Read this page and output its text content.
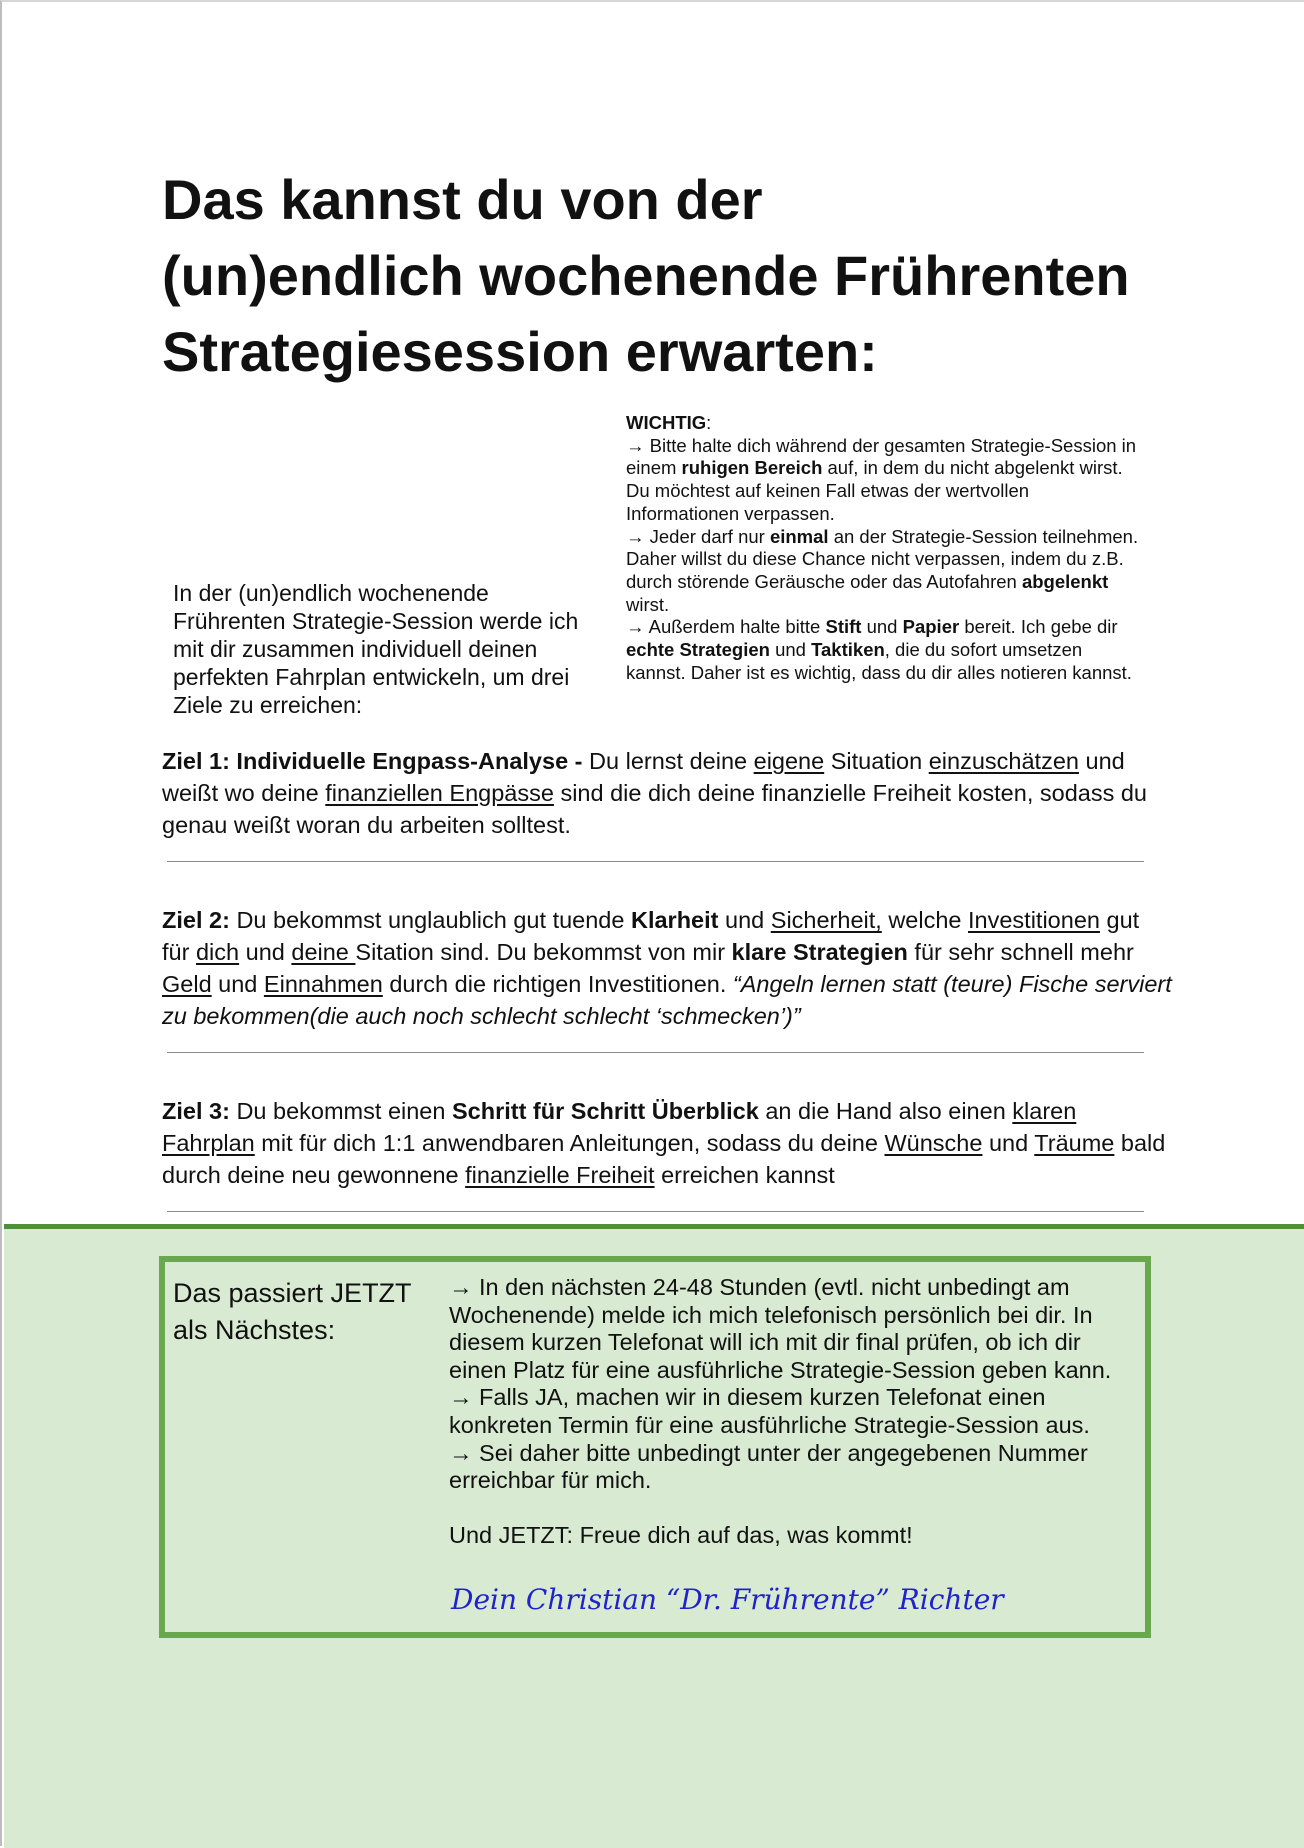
Das kannst du von der
(un)endlich wochenende Frührenten
Strategiesession erwarten:
In der (un)endlich wochenende Frührenten Strategie-Session werde ich mit dir zusammen individuell deinen perfekten Fahrplan entwickeln, um drei Ziele zu erreichen:
WICHTIG:
→ Bitte halte dich während der gesamten Strategie-Session in einem ruhigen Bereich auf, in dem du nicht abgelenkt wirst. Du möchtest auf keinen Fall etwas der wertvollen Informationen verpassen.
→ Jeder darf nur einmal an der Strategie-Session teilnehmen. Daher willst du diese Chance nicht verpassen, indem du z.B. durch störende Geräusche oder das Autofahren abgelenkt wirst.
→ Außerdem halte bitte Stift und Papier bereit. Ich gebe dir echte Strategien und Taktiken, die du sofort umsetzen kannst. Daher ist es wichtig, dass du dir alles notieren kannst.
Ziel 1: Individuelle Engpass-Analyse - Du lernst deine eigene Situation einzuschätzen und weißt wo deine finanziellen Engpässe sind die dich deine finanzielle Freiheit kosten, sodass du genau weißt woran du arbeiten solltest.
Ziel 2: Du bekommst unglaublich gut tuende Klarheit und Sicherheit, welche Investitionen gut für dich und deine Sitation sind. Du bekommst von mir klare Strategien für sehr schnell mehr Geld und Einnahmen durch die richtigen Investitionen. “Angeln lernen statt (teure) Fische serviert zu bekommen(die auch noch schlecht schlecht ‘schmecken’)”
Ziel 3: Du bekommst einen Schritt für Schritt Überblick an die Hand also einen klaren Fahrplan mit für dich 1:1 anwendbaren Anleitungen, sodass du deine Wünsche und Träume bald durch deine neu gewonnene finanzielle Freiheit erreichen kannst
Das passiert JETZT als Nächstes:
→ In den nächsten 24-48 Stunden (evtl. nicht unbedingt am Wochenende) melde ich mich telefonisch persönlich bei dir. In diesem kurzen Telefonat will ich mit dir final prüfen, ob ich dir einen Platz für eine ausführliche Strategie-Session geben kann.
→ Falls JA, machen wir in diesem kurzen Telefonat einen konkreten Termin für eine ausführliche Strategie-Session aus.
→ Sei daher bitte unbedingt unter der angegebenen Nummer erreichbar für mich.
Und JETZT: Freue dich auf das, was kommt!
Dein Christian “Dr. Frührente” Richter
